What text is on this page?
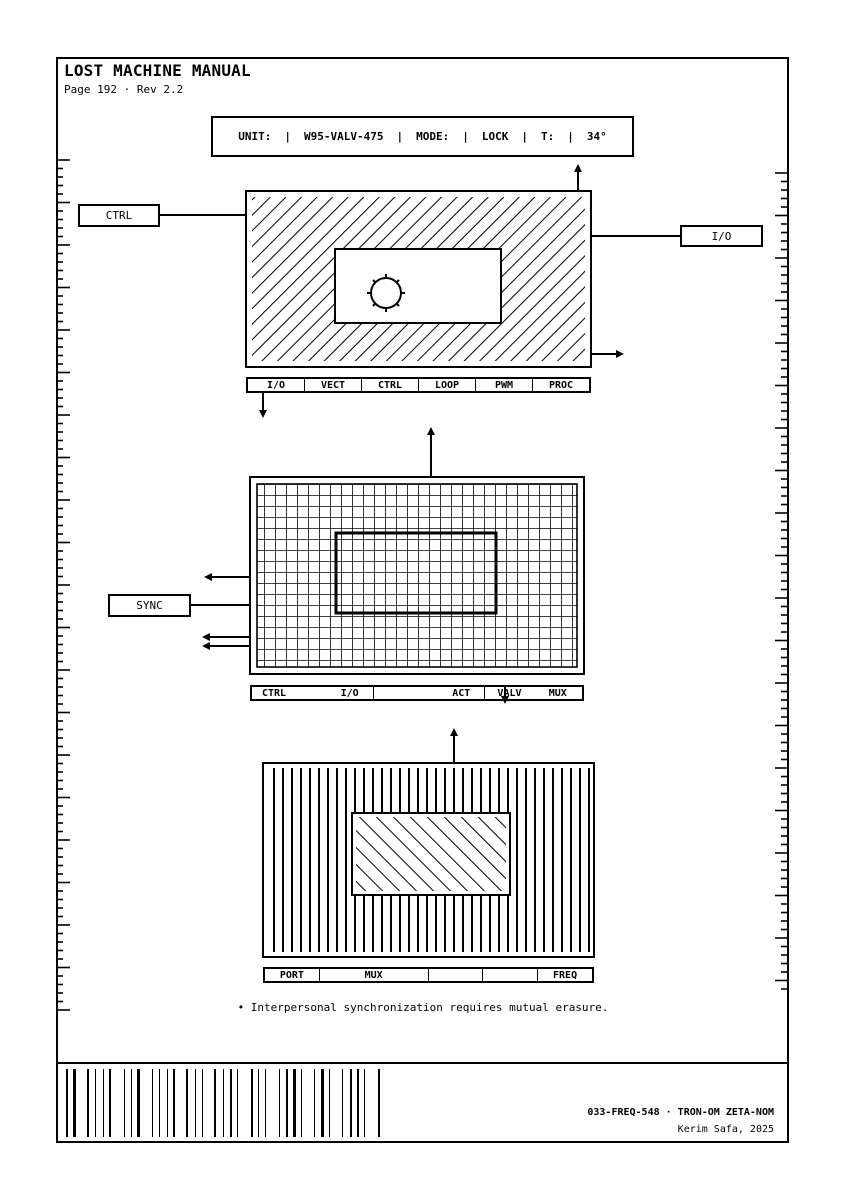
LOST MACHINE MANUAL
Page 192 · Rev 2.2
UNIT: | W95-VALV-475 | MODE: | LOCK | T: | 34°
CTRL
I/O
SYNC
I/O	VECT	CTRL	LOOP	PWM	PROC
CTRL	I/O	ACT	VALV	MUX
PORT	MUX	FREQ
• Interpersonal synchronization requires mutual erasure.
033-FREQ-548 · TRON-OM ZETA-NOM
Kerim Safa, 2025
